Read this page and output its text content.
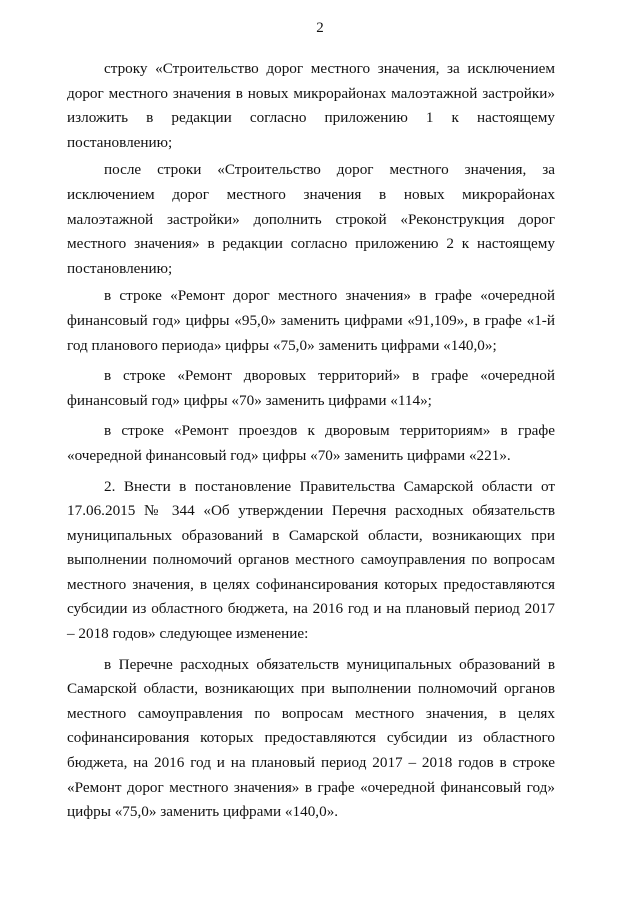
2

строку «Строительство дорог местного значения, за исключением дорог местного значения в новых микрорайонах малоэтажной застройки» изложить в редакции согласно приложению 1 к настоящему постановлению;

после строки «Строительство дорог местного значения, за исключением дорог местного значения в новых микрорайонах малоэтажной застройки» дополнить строкой «Реконструкция дорог местного значения» в редакции согласно приложению 2 к настоящему постановлению;

в строке «Ремонт дорог местного значения» в графе «очередной финансовый год» цифры «95,0» заменить цифрами «91,109», в графе «1-й год планового периода» цифры «75,0» заменить цифрами «140,0»;

в строке «Ремонт дворовых территорий» в графе «очередной финансовый год» цифры «70» заменить цифрами «114»;

в строке «Ремонт проездов к дворовым территориям» в графе «очередной финансовый год» цифры «70» заменить цифрами «221».

2. Внести в постановление Правительства Самарской области от 17.06.2015 № 344 «Об утверждении Перечня расходных обязательств муниципальных образований в Самарской области, возникающих при выполнении полномочий органов местного самоуправления по вопросам местного значения, в целях софинансирования которых предоставляются субсидии из областного бюджета, на 2016 год и на плановый период 2017 – 2018 годов» следующее изменение:

в Перечне расходных обязательств муниципальных образований в Самарской области, возникающих при выполнении полномочий органов местного самоуправления по вопросам местного значения, в целях софинансирования которых предоставляются субсидии из областного бюджета, на 2016 год и на плановый период 2017 – 2018 годов в строке «Ремонт дорог местного значения» в графе «очередной финансовый год» цифры «75,0» заменить цифрами «140,0».
